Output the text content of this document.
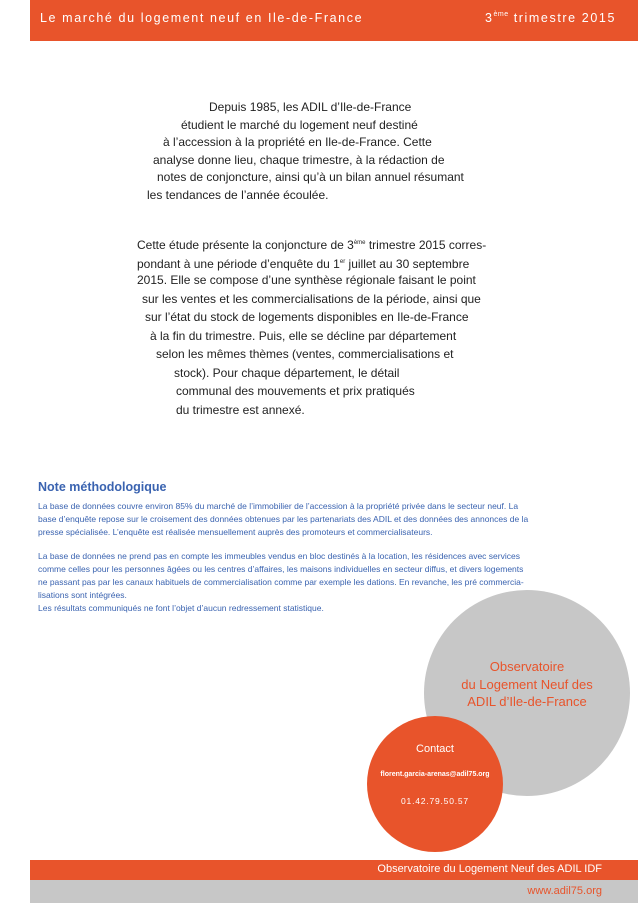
Le marché du logement neuf en Ile-de-France	3ème trimestre 2015
Depuis 1985, les ADIL d’Ile-de-France
étudient le marché du logement neuf destiné
à l’accession à la propriété en Ile-de-France. Cette
analyse donne lieu, chaque trimestre, à la rédaction de
notes de conjoncture, ainsi qu’à un bilan annuel résumant
les tendances de l’année écoulée.
Cette étude présente la conjoncture de 3ème trimestre 2015 corres-
pondant à une période d’enquête du 1er juillet au 30 septembre
2015. Elle se compose d’une synthèse régionale faisant le point
sur les ventes et les commercialisations de la période, ainsi que
sur l’état du stock de logements disponibles en Ile-de-France
à la fin du trimestre. Puis, elle se décline par département
selon les mêmes thèmes (ventes, commercialisations et
stock). Pour chaque département, le détail
communal des mouvements et prix pratiqués
du trimestre est annexé.
Note méthodologique
La base de données couvre environ 85% du marché de l’immobilier de l’accession à la propriété privée dans le secteur neuf. La
base d’enquête repose sur le croisement des données obtenues par les partenariats des ADIL et des données des annonces de la
presse spécialisée. L’enquête est réalisée mensuellement auprès des promoteurs et commercialisateurs.
La base de données ne prend pas en compte les immeubles vendus en bloc destinés à la location, les résidences avec services
comme celles pour les personnes âgées ou les centres d’affaires, les maisons individuelles en secteur diffus, et divers logements
ne passant pas par les canaux habituels de commercialisation comme par exemple les dations. En revanche, les pré commercia-
lisations sont intégrées.
Les résultats communiqués ne font l’objet d’aucun redressement statistique.
Observatoire
du Logement Neuf des
ADIL d’Ile-de-France
Contact
florent.garcia-arenas@adil75.org
01.42.79.50.57
Observatoire du Logement Neuf des ADIL IDF
www.adil75.org
